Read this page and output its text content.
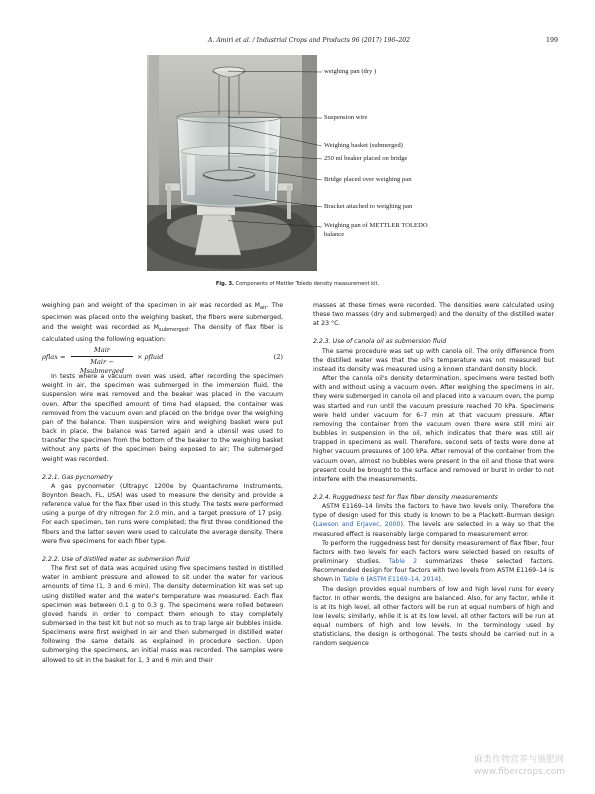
A. Amiri et al. / Industrial Crops and Products 96 (2017) 196–202	199
weighing pan (dry )
Suspension wire
Weighing basket (submerged)
250 ml beaker placed on bridge
Bridge placed over weighing pan
Bracket attached to weighing pan
Weighing pan of METTLER TOLEDO
balance
Fig. 3. Components of Mettler Toledo density measurement kit.

weighing pan and weight of the specimen in air was recorded as $M_{air}$. The specimen was placed onto the weighing basket, the fibers were submerged, and the weight was recorded as $M_{submerged}$. The density of flax fiber is calculated using the following equation:

ρflax =
Mair
Mair − Msubmerged
× ρfluid	(2)

In tests where a vacuum oven was used, after recording the specimen weight in air, the specimen was submerged in the immersion fluid, the suspension wire was removed and the beaker was placed in the vacuum oven. After the specified amount of time had elapsed, the container was removed from the vacuum oven and placed on the bridge over the weighing pan of the balance. Then suspension wire and weighing basket were put back in place, the balance was tarred again and a utensil was used to transfer the specimen from the bottom of the beaker to the weighing basket without any parts of the specimen being exposed to air; The submerged weight was recorded.

2.2.1. Gas pycnometry

A gas pycnometer (Ultrapyc 1200e by Quantachrome Instruments, Boynton Beach, FL, USA) was used to measure the density and provide a reference value for the flax fiber used in this study. The tests were performed using a purge of dry nitrogen for 2.0 min, and a target pressure of 17 psig. For each specimen, ten runs were completed; the first three conditioned the fibers and the latter seven were used to calculate the average density. There were five specimens for each fiber type.

2.2.2. Use of distilled water as submersion fluid

The first set of data was acquired using five specimens tested in distilled water in ambient pressure and allowed to sit under the water for various amounts of time (1, 3 and 6 min). The density determination kit was set up using distilled water and the water's temperature was measured. Each flax specimen was between 0.1 g to 0.3 g. The specimens were rolled between gloved hands in order to compact them enough to stay completely submersed in the test kit but not so much as to trap large air bubbles inside. Specimens were first weighed in air and then submerged in distilled water following the same details as explained in procedure section. Upon submerging the specimens, an initial mass was recorded. The samples were allowed to sit in the basket for 1, 3 and 6 min and their

masses at these times were recorded. The densities were calculated using these two masses (dry and submerged) and the density of the distilled water at 23 °C.

2.2.3. Use of canola oil as submersion fluid

The same procedure was set up with canola oil. The only difference from the distilled water was that the oil's temperature was not measured but instead its density was measured using a known standard density block.

After the canola oil's density determination, specimens were tested both with and without using a vacuum oven. After weighing the specimens in air, they were submerged in canola oil and placed into a vacuum oven, the pump was started and run until the vacuum pressure reached 70 kPa. Specimens were held under vacuum for 6–7 min at that vacuum pressure. After removing the container from the vacuum oven there were still mini air bubbles in suspension in the oil, which indicates that there was still air trapped in specimens as well. Therefore, second sets of tests were done at higher vacuum pressures of 100 kPa. After removal of the container from the vacuum oven, almost no bubbles were present in the oil and those that were present could be brought to the surface and removed or burst in order to not interfere with the measurements.

2.2.4. Ruggedness test for flax fiber density measurements

ASTM E1169–14 limits the factors to have two levels only. Therefore the type of design used for this study is known to be a Plackett–Burman design (Lawson and Erjavec, 2000). The levels are selected in a way so that the measured effect is reasonably large compared to measurement error.

To perform the ruggedness test for density measurement of flax fiber, four factors with two levels for each factors were selected based on results of preliminary studies. Table 2 summarizes these selected factors. Recommended design for four factors with two levels from ASTM E1169–14 is shown in Table 6 (ASTM E1169–14, 2014).

The design provides equal numbers of low and high level runs for every factor. In other words, the designs are balanced. Also, for any factor, while it is at its high level, all other factors will be run at equal numbers of high and low levels; similarly, while it is at its low level, all other factors will be run at equal numbers of high and low levels. In the terminology used by statisticians, the design is orthogonal. The tests should be carried out in a random sequence

麻类作物营养与施肥网
www.fibercrops.com
